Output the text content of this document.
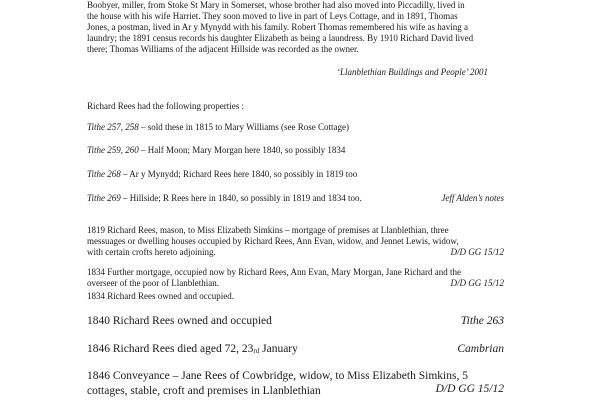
Boobyer, miller, from Stoke St Mary in Somerset, whose brother had also moved into Piccadilly, lived in

the house with his wife Harriet. They soon moved to live in part of Leys Cottage, and in 1891, Thomas

Jones, a postman, lived in Ar y Mynydd with his family. Robert Thomas remembered his wife as having a

laundry; the 1891 census records his daughter Elizabeth as being a laundress. By 1910 Richard David lived

there; Thomas Williams of the adjacent Hillside was recorded as the owner.

‘Llanblethian Buildings and People’ 2001
Richard Rees had the following properties :
Tithe 257, 258 – sold these in 1815 to Mary Williams (see Rose Cottage)
Tithe 259, 260 – Half Moon; Mary Morgan here 1840, so possibly 1834
Tithe 268 – Ar y Mynydd; Richard Rees here 1840, so possibly in 1819 too
Tithe 269 – Hillside; R Rees here in 1840, so possibly in 1819 and 1834 too.	Jeff Alden’s notes
1819 Richard Rees, mason, to Miss Elizabeth Simkins – mortgage of premises at Llanblethian, three
messuages or dwelling houses occupied by Richard Rees, Ann Evan, widow, and Jennet Lewis, widow,
with certain crofts hereto adjoining.	D/D GG 15/12
1834 Further mortgage, occupied now by Richard Rees, Ann Evan, Mary Morgan, Jane Richard and the
overseer of the poor of Llanblethian.	D/D GG 15/12
1834 Richard Rees owned and occupied.
1840 Richard Rees owned and occupied	Tithe 263
1846 Richard Rees died aged 72, $23_{rd}$ January	Cambrian
1846 Conveyance – Jane Rees of Cowbridge, widow, to Miss Elizabeth Simkins, 5
cottages, stable, croft and premises in Llanblethian	D/D GG 15/12
